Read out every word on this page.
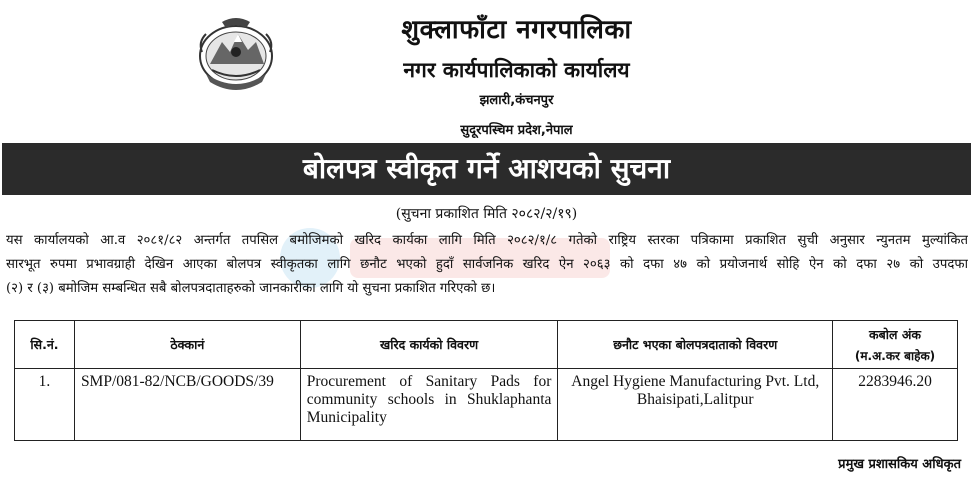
शुक्लाफाँटा नगरपालिका
नगर कार्यपालिकाको कार्यालय
झलारी,कंचनपुर
सुदूरपस्चिम प्रदेश,नेपाल
बोलपत्र स्वीकृत गर्ने आशयको सुचना
(सुचना प्रकाशित मिति २०८२/२/१९)
यस कार्यालयको आ.व २०८१/८२ अन्तर्गत तपसिल बमोजिमको खरिद कार्यका लागि मिति २०८२/१/८ गतेको राष्ट्रिय स्तरका पत्रिकामा प्रकाशित सुची अनुसार न्युनतम मुल्यांकित
सारभूत रुपमा प्रभावग्राही देखिन आएका बोलपत्र स्वीकृतका लागि छनौट भएको हुदाँ सार्वजनिक खरिद ऐन २०६३ को दफा ४७ को प्रयोजनार्थ सोहि ऐन को दफा २७ को उपदफा
(२) र (३) बमोजिम सम्बन्धित सबै बोलपत्रदाताहरुको जानकारीका लागि यो सुचना प्रकाशित गरिएको छ।
सि.नं.	ठेक्कानं	खरिद कार्यको विवरण	छनौट भएका बोलपत्रदाताको विवरण	कबोल अंक
(म.अ.कर बाहेक)

1.	SMP/081-82/NCB/GOODS/39	Procurement of Sanitary Pads for community schools in Shuklaphanta Municipality	Angel Hygiene Manufacturing Pvt. Ltd, Bhaisipati,Lalitpur	2283946.20
प्रमुख प्रशासकिय अधिकृत
